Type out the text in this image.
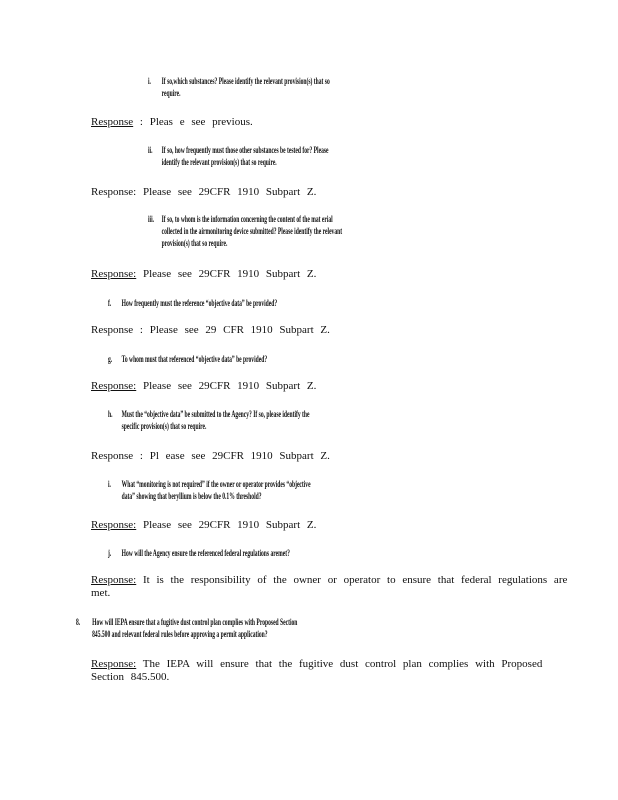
i. If so,which substances? Please identify the relevant provision(s) that so
require.
Response : Pleas e see previous.
ii. If so, how frequently must those other substances be tested for? Please
identify the relevant provision(s) that so require.
Response: Please see 29CFR 1910 Subpart Z.
iii. If so, to whom is the information concerning the content of the mat erial
collected in the airmonitoring device submitted? Please identify the relevant
provision(s) that so require.
Response: Please see 29CFR 1910 Subpart Z.
f. How frequently must the reference “objective data” be provided?
Response : Please see 29 CFR 1910 Subpart Z.
g. To whom must that referenced “objective data” be provided?
Response: Please see 29CFR 1910 Subpart Z.
h. Must the “objective data” be submitted to the Agency? If so, please identify the
specific provision(s) that so require.
Response : Pl ease see 29CFR 1910 Subpart Z.
i. What “monitoring is not required” if the owner or operator provides “objective
data” showing that beryllium is below the 0.1% threshold?
Response: Please see 29CFR 1910 Subpart Z.
j. How will the Agency ensure the referenced federal regulations aremet?
Response: It is the responsibility of the owner or operator to ensure that federal regulations are
met.
8. How will IEPA ensure that a fugitive dust control plan complies with Proposed Section
845.500 and relevant federal rules before approving a permit application?
Response: The IEPA will ensure that the fugitive dust control plan complies with Proposed
Section 845.500.
